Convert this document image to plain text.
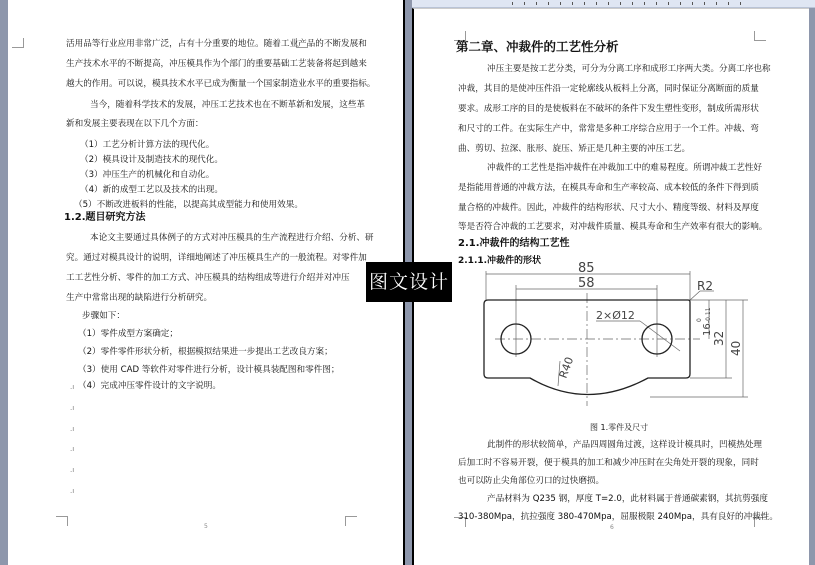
活用品等行业应用非常广泛，占有十分重要的地位。随着工业产品的不断发展和
生产技术水平的不断提高，冲压模具作为个部门的重要基础工艺装备将起到越来
越大的作用。可以说，模具技术水平已成为衡量一个国家制造业水平的重要指标。
当今，随着科学技术的发展，冲压工艺技术也在不断革新和发展，这些革
新和发展主要表现在以下几个方面：
（1）工艺分析计算方法的现代化。
（2）模具设计及制造技术的现代化。
（3）冲压生产的机械化和自动化。
（4）新的成型工艺以及技术的出现。
（5）不断改进板料的性能，以提高其成型能力和使用效果。
1.2.题目研究方法
本论文主要通过具体例子的方式对冲压模具的生产流程进行介绍、分析、研
究。通过对模具设计的说明，详细地阐述了冲压模具生产的一般流程。对零件加
工工艺性分析、零件的加工方式、冲压模具的结构组成等进行介绍并对冲压
生产中常常出现的缺陷进行分析研究。
步骤如下：
（1）零件成型方案确定；
（2）零件零件形状分析，根据模拟结果进一步提出工艺改良方案；
（3）使用 CAD 等软件对零件进行分析，设计模具装配图和零件图；
（4）完成冲压零件设计的文字说明。
.ı
.ı
.ı
.ı
.ı
.ı
5
第二章、冲裁件的工艺性分析
冲压主要是按工艺分类，可分为分离工序和成形工序两大类。分离工序也称
冲裁，其目的是使冲压件沿一定轮廓线从板料上分离，同时保证分离断面的质量
要求。成形工序的目的是使板料在不破坏的条件下发生塑性变形，制成所需形状
和尺寸的工件。在实际生产中，常常是多种工序综合应用于一个工件。冲裁、弯
曲、剪切、拉深、胀形、旋压、矫正是几种主要的冲压工艺。
冲裁件的工艺性是指冲裁件在冲裁加工中的难易程度。所谓冲裁工艺性好
是指能用普通的冲裁方法，在模具寿命和生产率较高、成本较低的条件下得到质
量合格的冲裁件。因此，冲裁件的结构形状、尺寸大小、精度等级、材料及厚度
等是否符合冲裁的工艺要求，对冲裁件质量、模具寿命和生产效率有很大的影响。
2.1.冲裁件的结构工艺性
2.1.1.冲裁件的形状	85
58	R2
2×Ø12
16
0 -0.11
32
40
R40
图 1.零件及尺寸
此制件的形状较简单，产品四周圆角过渡，这样设计模具时，凹模热处理
后加工时不容易开裂，便于模具的加工和减少冲压时在尖角处开裂的现象，同时
也可以防止尖角部位刃口的过快磨损。
产品材料为 Q235 钢，厚度 T=2.0，此材料属于普通碳素钢，其抗剪强度
310-380Mpa，抗拉强度 380-470Mpa，屈服极限 240Mpa，具有良好的冲裁性。
6
图文设计
